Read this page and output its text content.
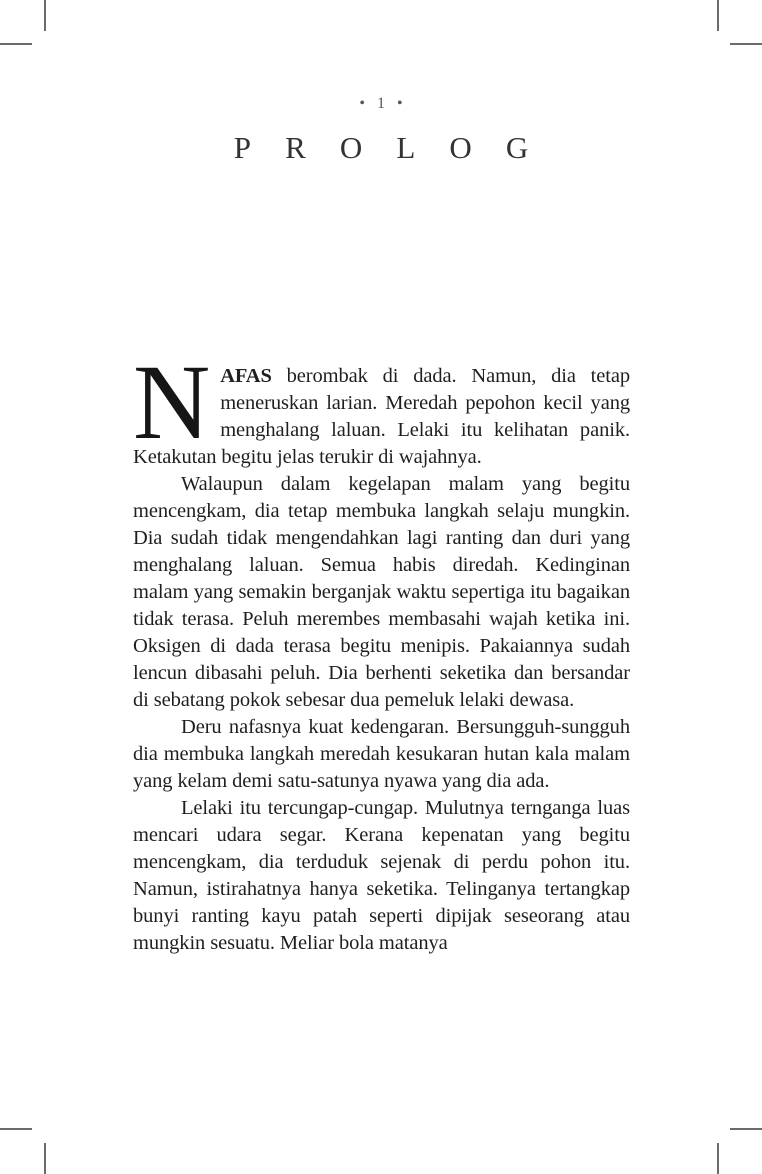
• 1 •
PROLOG

NAFAS berombak di dada. Namun, dia tetap meneruskan larian. Meredah pepohon kecil yang menghalang laluan. Lelaki itu kelihatan panik. Ketakutan begitu jelas terukir di wajahnya.

Walaupun dalam kegelapan malam yang begitu mencengkam, dia tetap membuka langkah selaju mungkin. Dia sudah tidak mengendahkan lagi ranting dan duri yang menghalang laluan. Semua habis diredah. Kedinginan malam yang semakin berganjak waktu sepertiga itu bagaikan tidak terasa. Peluh merembes membasahi wajah ketika ini. Oksigen di dada terasa begitu menipis. Pakaiannya sudah lencun dibasahi peluh. Dia berhenti seketika dan bersandar di sebatang pokok sebesar dua pemeluk lelaki dewasa.

Deru nafasnya kuat kedengaran. Bersungguh-sungguh dia membuka langkah meredah kesukaran hutan kala malam yang kelam demi satu-satunya nyawa yang dia ada.

Lelaki itu tercungap-cungap. Mulutnya ternganga luas mencari udara segar. Kerana kepenatan yang begitu mencengkam, dia terduduk sejenak di perdu pohon itu. Namun, istirahatnya hanya seketika. Telinganya tertangkap bunyi ranting kayu patah seperti dipijak seseorang atau mungkin sesuatu. Meliar bola matanya
